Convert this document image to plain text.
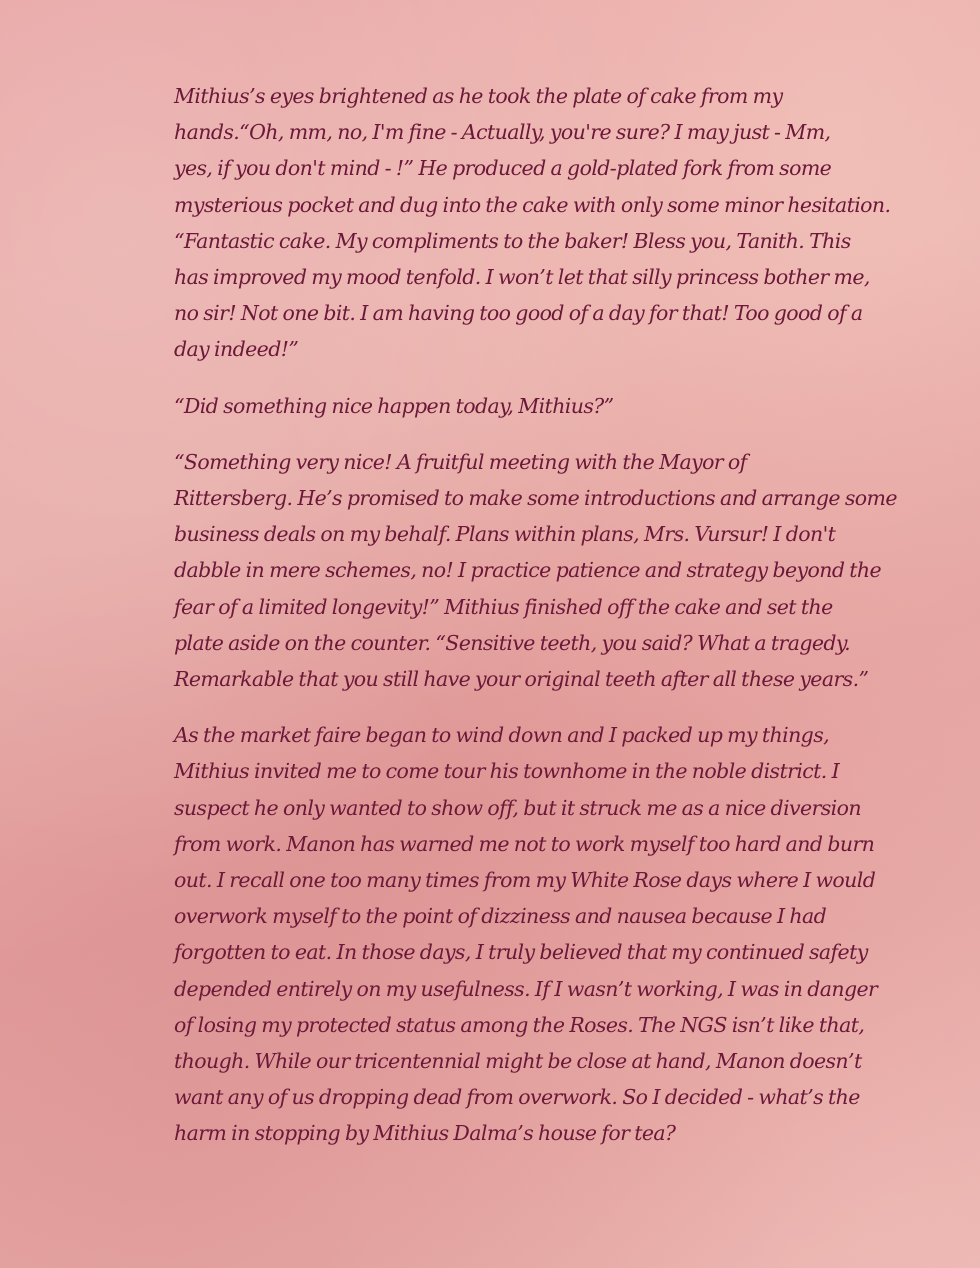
Mithius’s eyes brightened as he took the plate of cake from my
hands.“Oh, mm, no, I'm fine - Actually, you're sure? I may just - Mm,
yes, if you don't mind - !” He produced a gold-plated fork from some
mysterious pocket and dug into the cake with only some minor hesitation.
“Fantastic cake. My compliments to the baker! Bless you, Tanith. This
has improved my mood tenfold. I won’t let that silly princess bother me,
no sir! Not one bit. I am having too good of a day for that! Too good of a
day indeed!”

“Did something nice happen today, Mithius?”

“Something very nice! A fruitful meeting with the Mayor of
Rittersberg. He’s promised to make some introductions and arrange some
business deals on my behalf. Plans within plans, Mrs. Vursur! I don't
dabble in mere schemes, no! I practice patience and strategy beyond the
fear of a limited longevity!” Mithius finished off the cake and set the
plate aside on the counter. “Sensitive teeth, you said? What a tragedy.
Remarkable that you still have your original teeth after all these years.”

As the market faire began to wind down and I packed up my things,
Mithius invited me to come tour his townhome in the noble district. I
suspect he only wanted to show off, but it struck me as a nice diversion
from work. Manon has warned me not to work myself too hard and burn
out. I recall one too many times from my White Rose days where I would
overwork myself to the point of dizziness and nausea because I had
forgotten to eat. In those days, I truly believed that my continued safety
depended entirely on my usefulness. If I wasn’t working, I was in danger
of losing my protected status among the Roses. The NGS isn’t like that,
though. While our tricentennial might be close at hand, Manon doesn’t
want any of us dropping dead from overwork. So I decided - what’s the
harm in stopping by Mithius Dalma’s house for tea?
